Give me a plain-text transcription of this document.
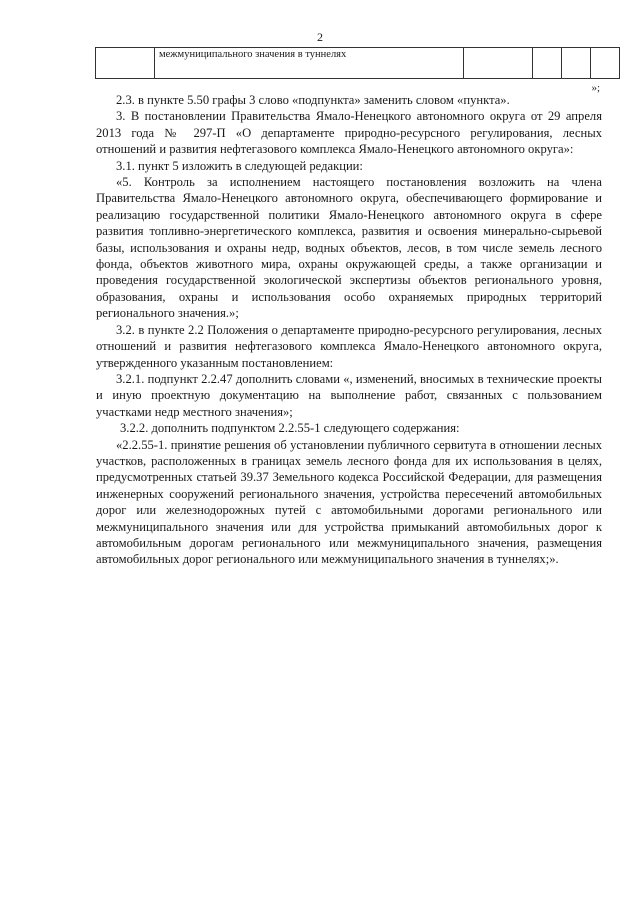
2
	межмуниципального значения в туннелях				
»;

2.3. в пункте 5.50 графы 3 слово «подпункта» заменить словом «пункта».

3. В постановлении Правительства Ямало-Ненецкого автономного округа от 29 апреля 2013 года № 297-П «О департаменте природно-ресурсного регулирования, лесных отношений и развития нефтегазового комплекса Ямало-Ненецкого автономного округа»:

3.1. пункт 5 изложить в следующей редакции:

«5. Контроль за исполнением настоящего постановления возложить на члена Правительства Ямало-Ненецкого автономного округа, обеспечивающего формирование и реализацию государственной политики Ямало-Ненецкого автономного округа в сфере развития топливно-энергетического комплекса, развития и освоения минерально-сырьевой базы, использования и охраны недр, водных объектов, лесов, в том числе земель лесного фонда, объектов животного мира, охраны окружающей среды, а также организации и проведения государственной экологической экспертизы объектов регионального уровня, образования, охраны и использования особо охраняемых природных территорий регионального значения.»;

3.2. в пункте 2.2 Положения о департаменте природно-ресурсного регулирования, лесных отношений и развития нефтегазового комплекса Ямало-Ненецкого автономного округа, утвержденного указанным постановлением:

3.2.1. подпункт 2.2.47 дополнить словами «, изменений, вносимых в технические проекты и иную проектную документацию на выполнение работ, связанных с пользованием участками недр местного значения»;

3.2.2. дополнить подпунктом 2.2.55-1 следующего содержания:

«2.2.55-1. принятие решения об установлении публичного сервитута в отношении лесных участков, расположенных в границах земель лесного фонда для их использования в целях, предусмотренных статьей 39.37 Земельного кодекса Российской Федерации, для размещения инженерных сооружений регионального значения, устройства пересечений автомобильных дорог или железнодорожных путей с автомобильными дорогами регионального или межмуниципального значения или для устройства примыканий автомобильных дорог к автомобильным дорогам регионального или межмуниципального значения, размещения автомобильных дорог регионального или межмуниципального значения в туннелях;».
